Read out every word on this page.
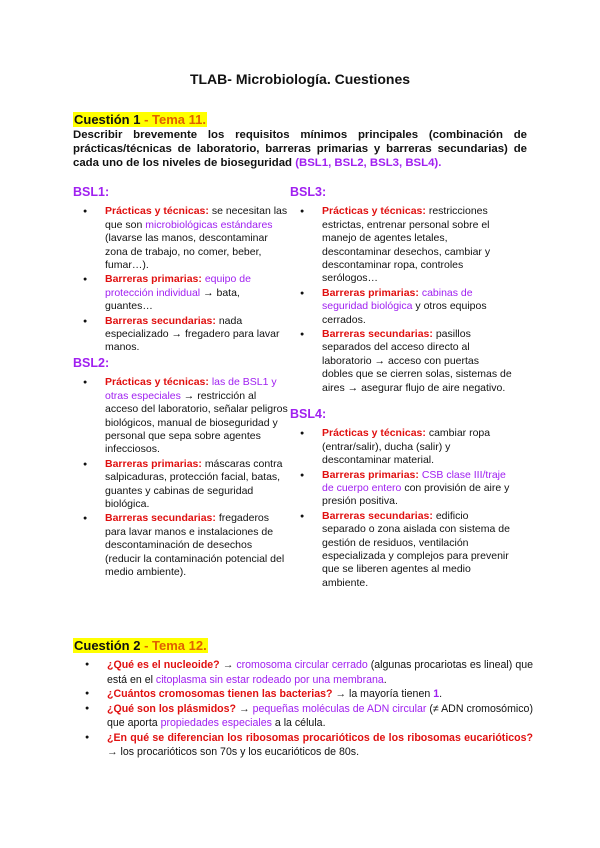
TLAB- Microbiología. Cuestiones
Cuestión 1 - Tema 11.
Describir brevemente los requisitos mínimos principales (combinación de prácticas/técnicas de laboratorio, barreras primarias y barreras secundarias) de cada uno de los niveles de bioseguridad (BSL1, BSL2, BSL3, BSL4).
BSL1:
● Prácticas y técnicas: se necesitan las que son microbiológicas estándares (lavarse las manos, descontaminar zona de trabajo, no comer, beber, fumar…).
● Barreras primarias: equipo de protección individual → bata, guantes…
● Barreras secundarias: nada especializado → fregadero para lavar manos.
BSL2:
● Prácticas y técnicas: las de BSL1 y otras especiales → restricción al acceso del laboratorio, señalar peligros biológicos, manual de bioseguridad y personal que sepa sobre agentes infecciosos.
● Barreras primarias: máscaras contra salpicaduras, protección facial, batas, guantes y cabinas de seguridad biológica.
● Barreras secundarias: fregaderos para lavar manos e instalaciones de descontaminación de desechos (reducir la contaminación potencial del medio ambiente).
BSL3:
● Prácticas y técnicas: restricciones estrictas, entrenar personal sobre el manejo de agentes letales, descontaminar desechos, cambiar y descontaminar ropa, controles serólogos…
● Barreras primarias: cabinas de seguridad biológica y otros equipos cerrados.
● Barreras secundarias: pasillos separados del acceso directo al laboratorio → acceso con puertas dobles que se cierren solas, sistemas de aires → asegurar flujo de aire negativo.
BSL4:
● Prácticas y técnicas: cambiar ropa (entrar/salir), ducha (salir) y descontaminar material.
● Barreras primarias: CSB clase III/traje de cuerpo entero con provisión de aire y presión positiva.
● Barreras secundarias: edificio separado o zona aislada con sistema de gestión de residuos, ventilación especializada y complejos para prevenir que se liberen agentes al medio ambiente.
Cuestión 2 - Tema 12.
● ¿Qué es el nucleoide? → cromosoma circular cerrado (algunas procariotas es lineal) que está en el citoplasma sin estar rodeado por una membrana.
● ¿Cuántos cromosomas tienen las bacterias? → la mayoría tienen 1.
● ¿Qué son los plásmidos? → pequeñas moléculas de ADN circular (≠ ADN cromosómico) que aporta propiedades especiales a la célula.
● ¿En qué se diferencian los ribosomas procarióticos de los ribosomas eucarióticos? → los procarióticos son 70s y los eucarióticos de 80s.
